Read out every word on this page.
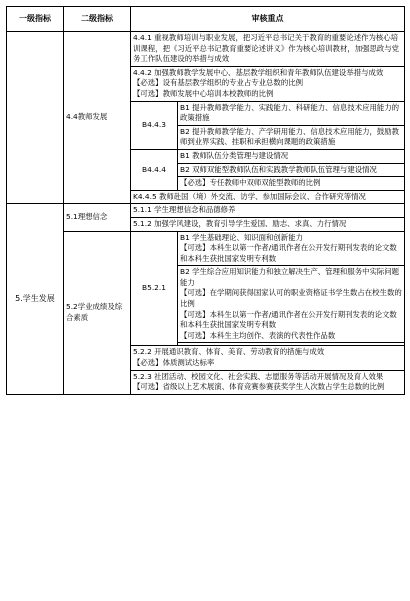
一级指标	二级指标	审核重点	
	4.4教师发展	4.4.1 重视教师培训与职业发展，把习近平总书记关于教育的重要论述作为核心培训课程，把《习近平总书记教育重要论述讲义》作为核心培训教材，加强思政与党务工作队伍建设的举措与成效	

		4.4.2 加强教师教学发展中心、基层教学组织和青年教师队伍建设举措与成效
【必选】设有基层教学组织的专业占专业总数的比例
【可选】教师发展中心培训本校教师的比例	

		B4.4.3	B1 提升教师教学能力、实践能力、科研能力、信息技术应用能力的政策措施
			B2 提升教师教学能力、产学研用能力、信息技术应用能力，鼓励教师到业界实践、挂职和承担横向课题的政策措施
		B4.4.4	B1 教师队伍分类管理与建设情况
			B2 双师双能型教师队伍和实践教学教师队伍管理与建设情况
			【必选】专任教师中双师双能型教师的比例
		K4.4.5 教师赴国（境）外交流、访学、参加国际会议、合作研究等情况	
5.学生发展	5.1理想信念	5.1.1 学生理想信念和品德修养	
		5.1.2 加强学风建设，教育引导学生爱国、励志、求真、力行情况	
	5.2学业成绩及综合素质	B5.2.1	B1 学生基础理论、知识面和创新能力
【可选】本科生以第一作者/通讯作者在公开发行期刊发表的论文数和本科生获批国家发明专利数

			B2 学生综合应用知识能力和独立解决生产、管理和服务中实际问题能力
【可选】在学期间获得国家认可的职业资格证书学生数占在校生数的比例
【可选】本科生以第一作者/通讯作者在公开发行期刊发表的论文数和本科生获批国家发明专利数
【可选】本科生主均创作、表演的代表性作品数

		5.2.2 开展通识教育、体育、美育、劳动教育的措施与成效
【必选】体质测试达标率	

		5.2.3 社团活动、校园文化、社会实践、志愿服务等活动开展情况及育人效果
【可选】省级以上艺术展演、体育竞赛参赛获奖学生人次数占学生总数的比例	
